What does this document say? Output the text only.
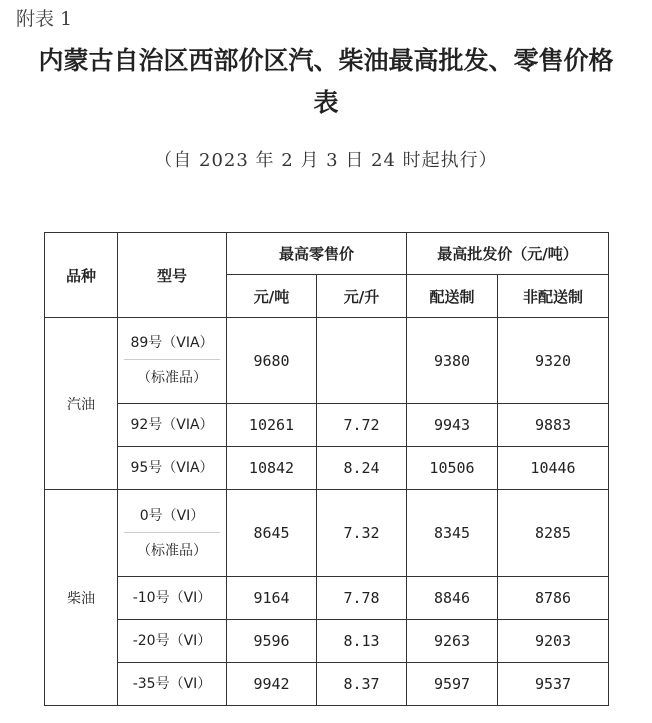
附表 1
内蒙古自治区西部价区汽、柴油最高批发、零售价格
表
（自 2023 年 2 月 3 日 24 时起执行）
品种	型号	最高零售价		最高批发价（元/吨）	
		元/吨	元/升	配送制	非配送制
汽油	89号（VIA）
（标准品）	9680		9380	9320
	92号（VIA）	10261	7.72	9943	9883
	95号（VIA）	10842	8.24	10506	10446
柴油	0号（VI）
（标准品）	8645	7.32	8345	8285
	-10号（VI）	9164	7.78	8846	8786
	-20号（VI）	9596	8.13	9263	9203
	-35号（VI）	9942	8.37	9597	9537
